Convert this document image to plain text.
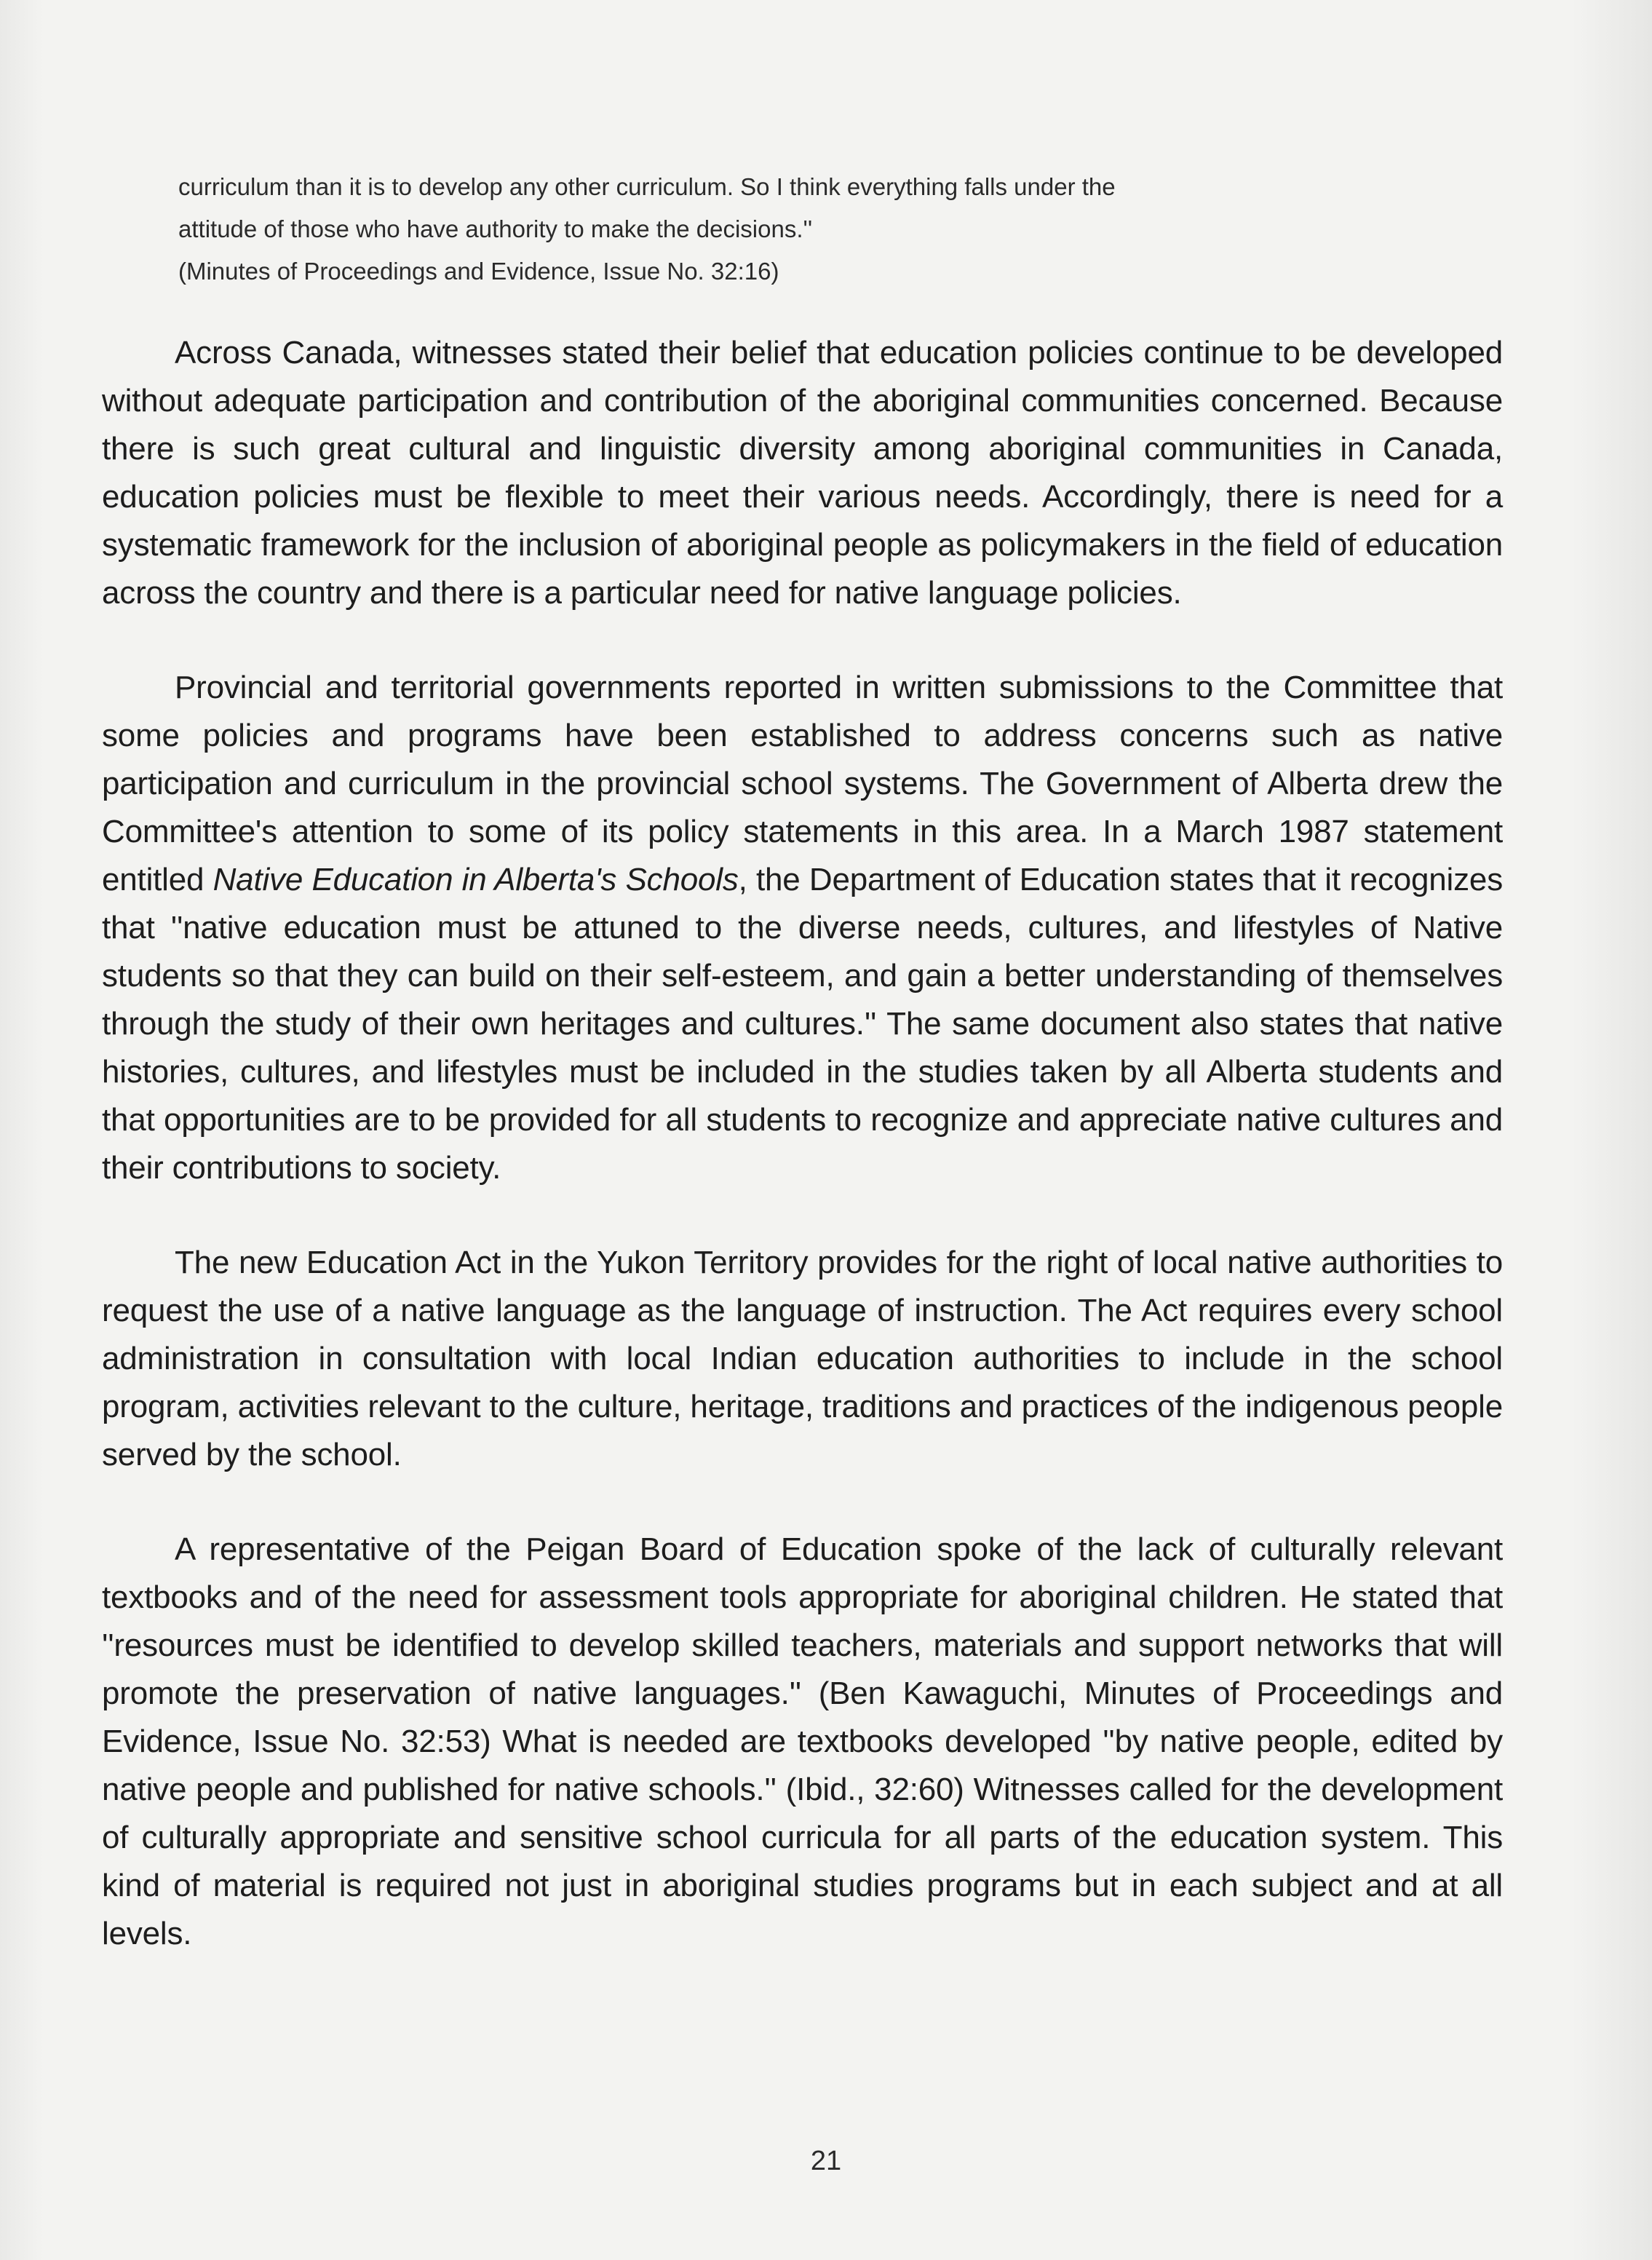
curriculum than it is to develop any other curriculum. So I think everything falls under the

attitude of those who have authority to make the decisions.''

(Minutes of Proceedings and Evidence, Issue No. 32:16)

Across Canada, witnesses stated their belief that education policies continue to be developed without adequate participation and contribution of the aboriginal communities concerned. Because there is such great cultural and linguistic diversity among aboriginal communities in Canada, education policies must be flexible to meet their various needs. Accordingly, there is need for a systematic framework for the inclusion of aboriginal people as policymakers in the field of education across the country and there is a particular need for native language policies.

Provincial and territorial governments reported in written submissions to the Committee that some policies and programs have been established to address concerns such as native participation and curriculum in the provincial school systems. The Government of Alberta drew the Committee's attention to some of its policy statements in this area. In a March 1987 statement entitled Native Education in Alberta's Schools, the Department of Education states that it recognizes that ''native education must be attuned to the diverse needs, cultures, and lifestyles of Native students so that they can build on their self-esteem, and gain a better understanding of themselves through the study of their own heritages and cultures.'' The same document also states that native histories, cultures, and lifestyles must be included in the studies taken by all Alberta students and that opportunities are to be provided for all students to recognize and appreciate native cultures and their contributions to society.

The new Education Act in the Yukon Territory provides for the right of local native authorities to request the use of a native language as the language of instruction. The Act requires every school administration in consultation with local Indian education authorities to include in the school program, activities relevant to the culture, heritage, traditions and practices of the indigenous people served by the school.

A representative of the Peigan Board of Education spoke of the lack of culturally relevant textbooks and of the need for assessment tools appropriate for aboriginal children. He stated that ''resources must be identified to develop skilled teachers, materials and support networks that will promote the preservation of native languages.'' (Ben Kawaguchi, Minutes of Proceedings and Evidence, Issue No. 32:53) What is needed are textbooks developed ''by native people, edited by native people and published for native schools.'' (Ibid., 32:60) Witnesses called for the development of culturally appropriate and sensitive school curricula for all parts of the education system. This kind of material is required not just in aboriginal studies programs but in each subject and at all levels.

21
